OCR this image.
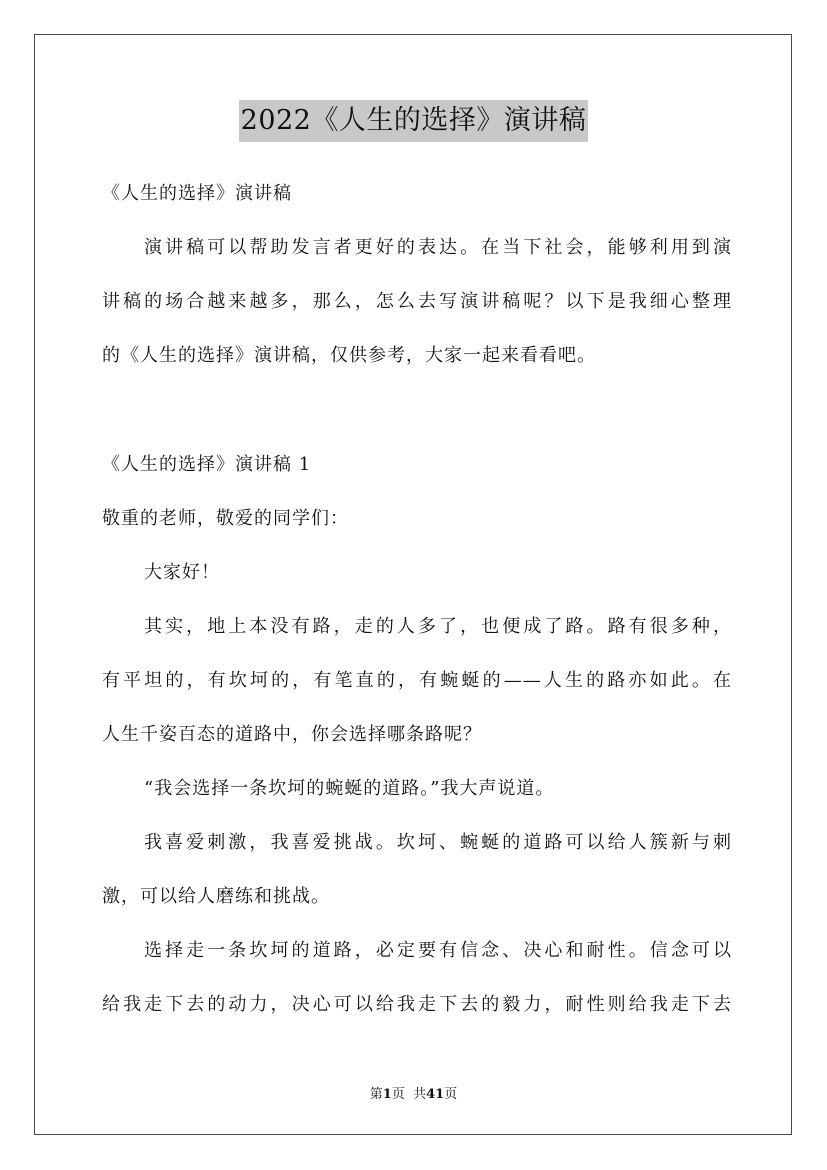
2022《人生的选择》演讲稿
《人生的选择》演讲稿
演讲稿可以帮助发言者更好的表达。在当下社会，能够利用到演
讲稿的场合越来越多，那么，怎么去写演讲稿呢？以下是我细心整理
的《人生的选择》演讲稿，仅供参考，大家一起来看看吧。
《人生的选择》演讲稿 1
敬重的老师，敬爱的同学们：
大家好！
其实，地上本没有路，走的人多了，也便成了路。路有很多种，
有平坦的，有坎坷的，有笔直的，有蜿蜒的——人生的路亦如此。在
人生千姿百态的道路中，你会选择哪条路呢？
“我会选择一条坎坷的蜿蜒的道路。”我大声说道。
我喜爱刺激，我喜爱挑战。坎坷、蜿蜒的道路可以给人簇新与刺
激，可以给人磨练和挑战。
选择走一条坎坷的道路，必定要有信念、决心和耐性。信念可以
给我走下去的动力，决心可以给我走下去的毅力，耐性则给我走下去
第1页 共41页
